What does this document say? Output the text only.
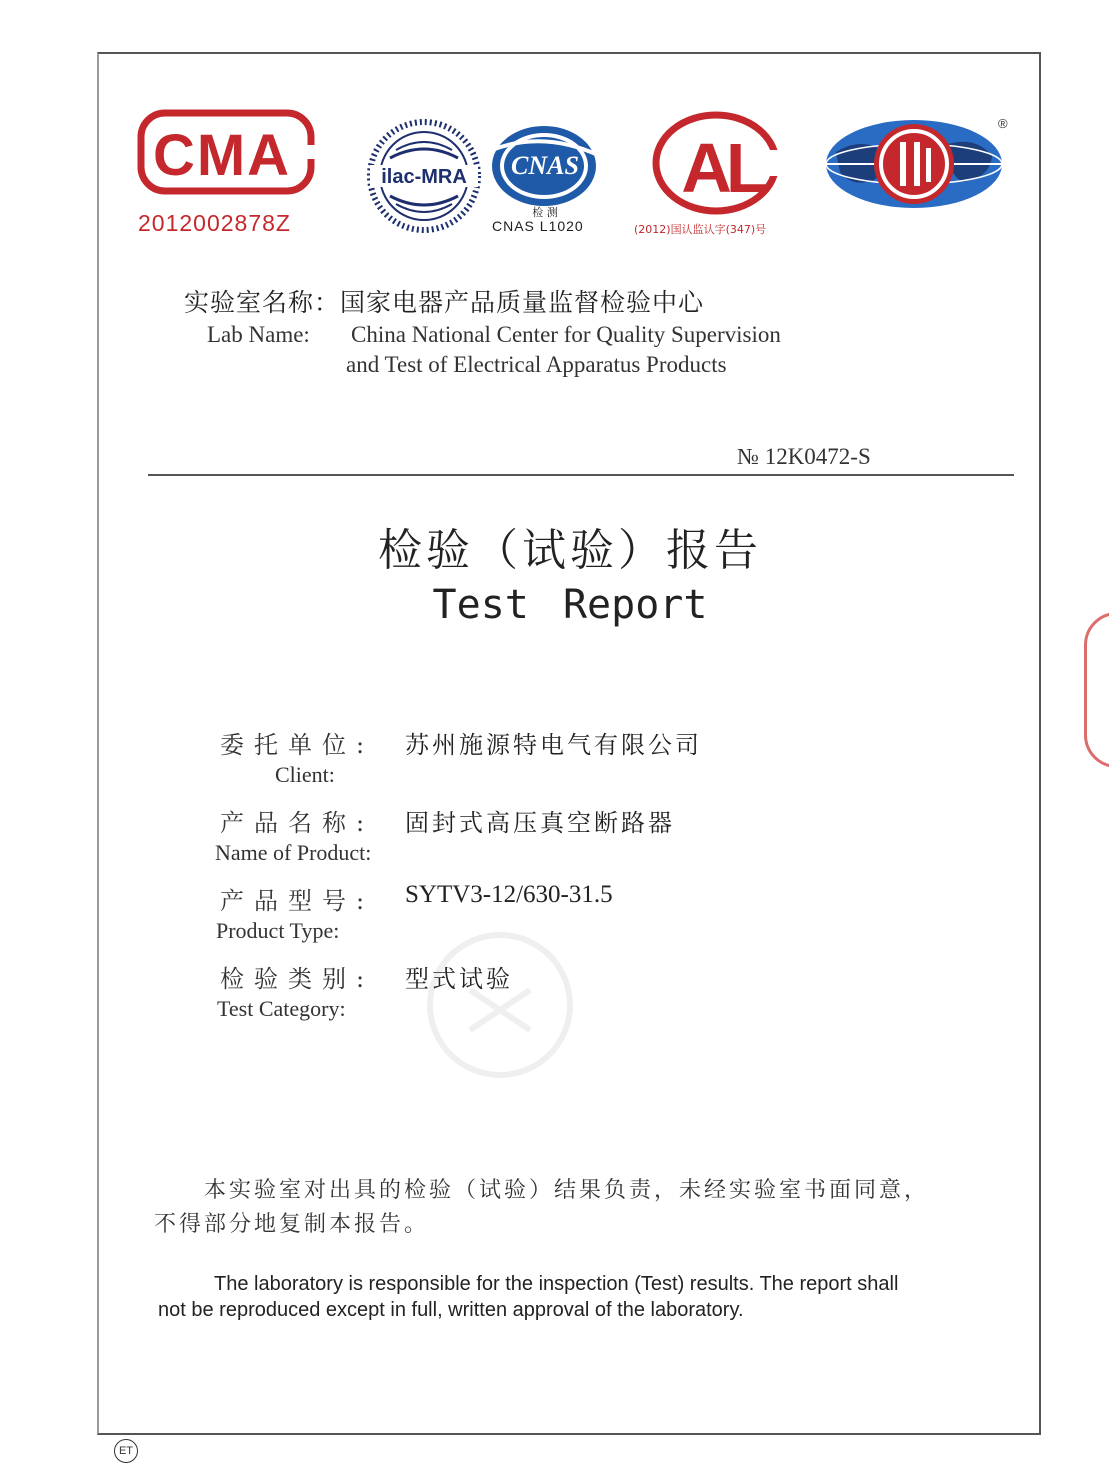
CMA
2012002878Z
ilac-MRA CNAS
检 测
CNAS L1020
AL
(2012)国认监认字(347)号
®
实验室名称：国家电器产品质量监督检验中心
Lab Name: China National Center for Quality Supervision
and Test of Electrical Apparatus Products
№ 12K0472-S
检验（试验）报告
Test Report
委托单位: 苏州施源特电气有限公司
Client:
产品名称: 固封式高压真空断路器
Name of Product:
产品型号: SYTV3-12/630-31.5
Product Type:
检验类别: 型式试验
Test Category:
本实验室对出具的检验（试验）结果负责，未经实验室书面同意，
不得部分地复制本报告。
The laboratory is responsible for the inspection (Test) results. The report shall
not be reproduced except in full, written approval of the laboratory.
ET
